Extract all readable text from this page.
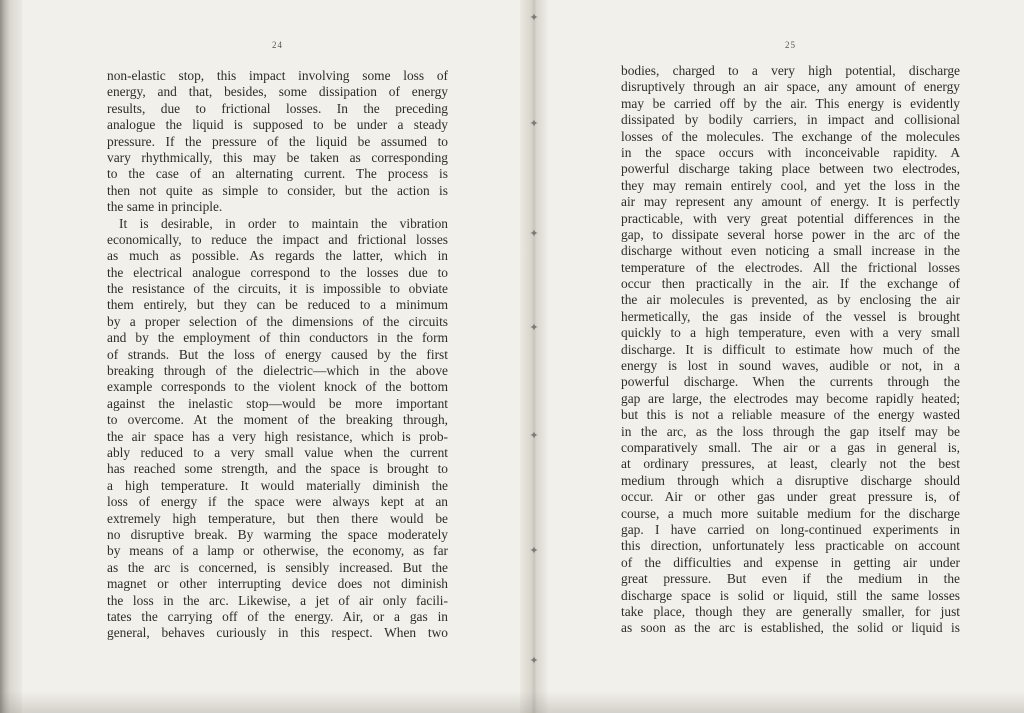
✦
✦
✦
✦
✦
✦
✦
24
non-elastic stop, this impact involving some loss of
energy, and that, besides, some dissipation of energy
results, due to frictional losses. In the preceding
analogue the liquid is supposed to be under a steady
pressure. If the pressure of the liquid be assumed to
vary rhythmically, this may be taken as corresponding
to the case of an alternating current. The process is
then not quite as simple to consider, but the action is
the same in principle.
It is desirable, in order to maintain the vibration
economically, to reduce the impact and frictional losses
as much as possible. As regards the latter, which in
the electrical analogue correspond to the losses due to
the resistance of the circuits, it is impossible to obviate
them entirely, but they can be reduced to a minimum
by a proper selection of the dimensions of the circuits
and by the employment of thin conductors in the form
of strands. But the loss of energy caused by the first
breaking through of the dielectric—which in the above
example corresponds to the violent knock of the bottom
against the inelastic stop—would be more important
to overcome. At the moment of the breaking through,
the air space has a very high resistance, which is prob-
ably reduced to a very small value when the current
has reached some strength, and the space is brought to
a high temperature. It would materially diminish the
loss of energy if the space were always kept at an
extremely high temperature, but then there would be
no disruptive break. By warming the space moderately
by means of a lamp or otherwise, the economy, as far
as the arc is concerned, is sensibly increased. But the
magnet or other interrupting device does not diminish
the loss in the arc. Likewise, a jet of air only facili-
tates the carrying off of the energy. Air, or a gas in
general, behaves curiously in this respect. When two
25
bodies, charged to a very high potential, discharge
disruptively through an air space, any amount of energy
may be carried off by the air. This energy is evidently
dissipated by bodily carriers, in impact and collisional
losses of the molecules. The exchange of the molecules
in the space occurs with inconceivable rapidity. A
powerful discharge taking place between two electrodes,
they may remain entirely cool, and yet the loss in the
air may represent any amount of energy. It is perfectly
practicable, with very great potential differences in the
gap, to dissipate several horse power in the arc of the
discharge without even noticing a small increase in the
temperature of the electrodes. All the frictional losses
occur then practically in the air. If the exchange of
the air molecules is prevented, as by enclosing the air
hermetically, the gas inside of the vessel is brought
quickly to a high temperature, even with a very small
discharge. It is difficult to estimate how much of the
energy is lost in sound waves, audible or not, in a
powerful discharge. When the currents through the
gap are large, the electrodes may become rapidly heated;
but this is not a reliable measure of the energy wasted
in the arc, as the loss through the gap itself may be
comparatively small. The air or a gas in general is,
at ordinary pressures, at least, clearly not the best
medium through which a disruptive discharge should
occur. Air or other gas under great pressure is, of
course, a much more suitable medium for the discharge
gap. I have carried on long-continued experiments in
this direction, unfortunately less practicable on account
of the difficulties and expense in getting air under
great pressure. But even if the medium in the
discharge space is solid or liquid, still the same losses
take place, though they are generally smaller, for just
as soon as the arc is established, the solid or liquid is
